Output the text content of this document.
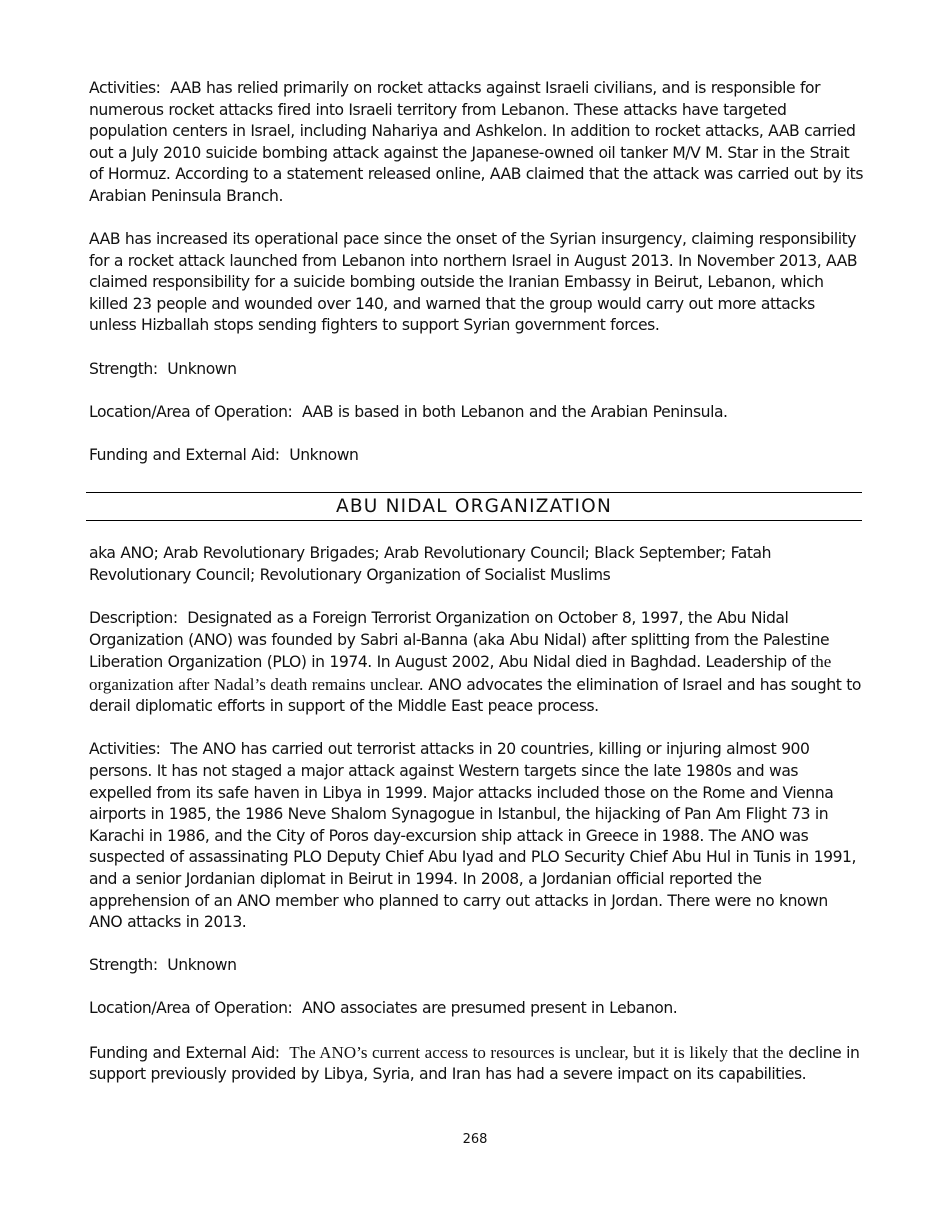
Activities: AAB has relied primarily on rocket attacks against Israeli civilians, and is responsible for numerous rocket attacks fired into Israeli territory from Lebanon. These attacks have targeted population centers in Israel, including Nahariya and Ashkelon. In addition to rocket attacks, AAB carried out a July 2010 suicide bombing attack against the Japanese-owned oil tanker M/V M. Star in the Strait of Hormuz. According to a statement released online, AAB claimed that the attack was carried out by its Arabian Peninsula Branch.

AAB has increased its operational pace since the onset of the Syrian insurgency, claiming responsibility for a rocket attack launched from Lebanon into northern Israel in August 2013. In November 2013, AAB claimed responsibility for a suicide bombing outside the Iranian Embassy in Beirut, Lebanon, which killed 23 people and wounded over 140, and warned that the group would carry out more attacks unless Hizballah stops sending fighters to support Syrian government forces.

Strength: Unknown

Location/Area of Operation: AAB is based in both Lebanon and the Arabian Peninsula.

Funding and External Aid: Unknown

ABU NIDAL ORGANIZATION

aka ANO; Arab Revolutionary Brigades; Arab Revolutionary Council; Black September; Fatah Revolutionary Council; Revolutionary Organization of Socialist Muslims

Description: Designated as a Foreign Terrorist Organization on October 8, 1997, the Abu Nidal Organization (ANO) was founded by Sabri al-Banna (aka Abu Nidal) after splitting from the Palestine Liberation Organization (PLO) in 1974. In August 2002, Abu Nidal died in Baghdad. Leadership of the organization after Nadal’s death remains unclear. ANO advocates the elimination of Israel and has sought to derail diplomatic efforts in support of the Middle East peace process.

Activities: The ANO has carried out terrorist attacks in 20 countries, killing or injuring almost 900 persons. It has not staged a major attack against Western targets since the late 1980s and was expelled from its safe haven in Libya in 1999. Major attacks included those on the Rome and Vienna airports in 1985, the 1986 Neve Shalom Synagogue in Istanbul, the hijacking of Pan Am Flight 73 in Karachi in 1986, and the City of Poros day-excursion ship attack in Greece in 1988. The ANO was suspected of assassinating PLO Deputy Chief Abu Iyad and PLO Security Chief Abu Hul in Tunis in 1991, and a senior Jordanian diplomat in Beirut in 1994. In 2008, a Jordanian official reported the apprehension of an ANO member who planned to carry out attacks in Jordan. There were no known ANO attacks in 2013.

Strength: Unknown

Location/Area of Operation: ANO associates are presumed present in Lebanon.

Funding and External Aid: The ANO’s current access to resources is unclear, but it is likely that the decline in support previously provided by Libya, Syria, and Iran has had a severe impact on its capabilities.

268
